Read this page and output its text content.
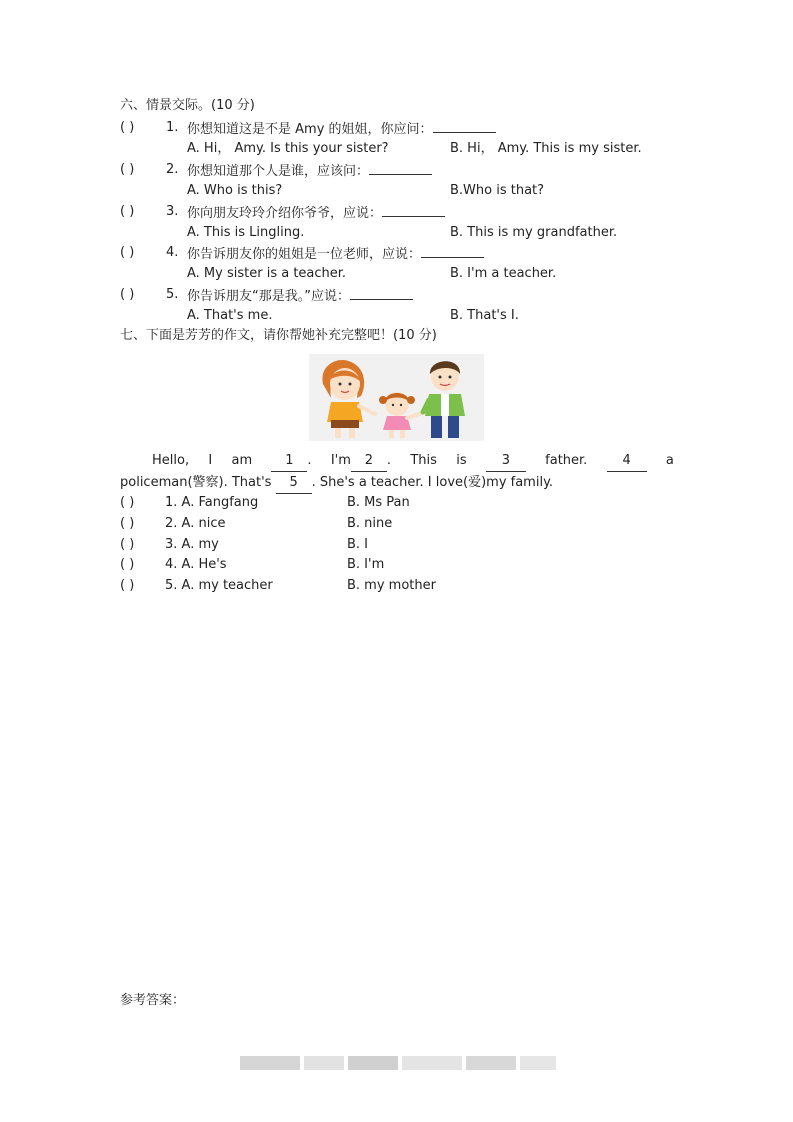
六、情景交际。(10 分)
( ) 1. 你想知道这是不是 Amy 的姐姐，你应问：
A. Hi， Amy. Is this your sister?	B. Hi， Amy. This is my sister.
( ) 2. 你想知道那个人是谁，应该问：
A. Who is this?	B.Who is that?
( ) 3. 你向朋友玲玲介绍你爷爷，应说：
A. This is Lingling.	B. This is my grandfather.
( ) 4. 你告诉朋友你的姐姐是一位老师，应说：
A. My sister is a teacher.	B. I'm a teacher.
( ) 5. 你告诉朋友“那是我。”应说：
A. That's me.	B. That's I.
七、下面是芳芳的作文，请你帮她补充完整吧！(10 分)
Hello, I am	1 . I'm 2 . This is	3	father.	4	a
policeman(警察). That's 5 . She's a teacher. I love(爱)my family.
( ) 1. A. Fangfang	B. Ms Pan
( ) 2. A. nice	B. nine
( ) 3. A. my	B. I
( ) 4. A. He's	B. I'm
( ) 5. A. my teacher	B. my mother
参考答案：
